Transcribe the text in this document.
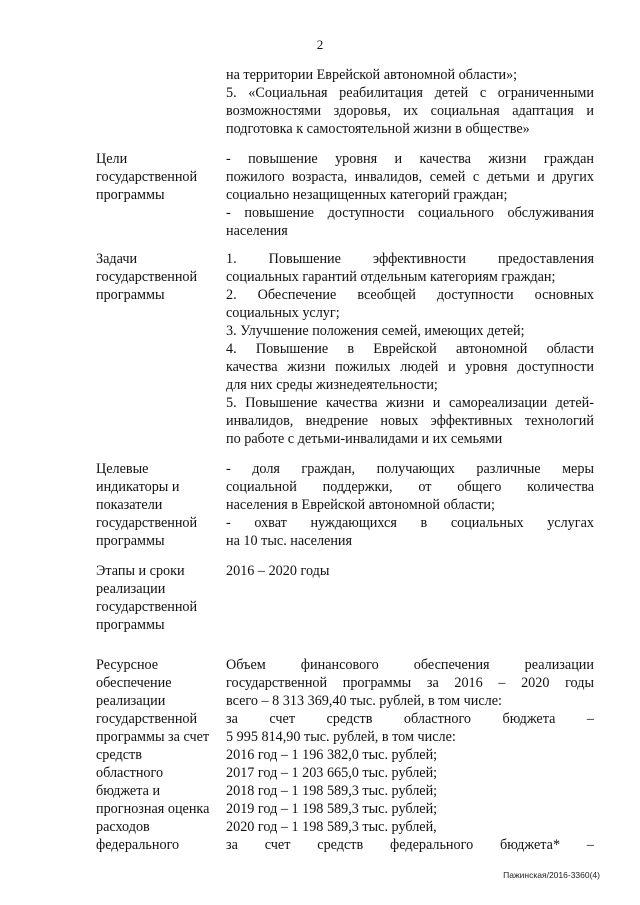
2
на территории Еврейской автономной области»;
5. «Социальная реабилитация детей с ограниченными
возможностями здоровья, их социальная адаптация и
подготовка к самостоятельной жизни в обществе»
Цели
государственной
программы
- повышение уровня и качества жизни граждан
пожилого возраста, инвалидов, семей с детьми и других
социально незащищенных категорий граждан;
- повышение доступности социального обслуживания
населения
Задачи
государственной
программы
1. Повышение эффективности предоставления
социальных гарантий отдельным категориям граждан;
2. Обеспечение всеобщей доступности основных
социальных услуг;
3. Улучшение положения семей, имеющих детей;
4. Повышение в Еврейской автономной области
качества жизни пожилых людей и уровня доступности
для них среды жизнедеятельности;
5. Повышение качества жизни и самореализации детей-
инвалидов, внедрение новых эффективных технологий
по работе с детьми-инвалидами и их семьями
Целевые
индикаторы и
показатели
государственной
программы
- доля граждан, получающих различные меры
социальной поддержки, от общего количества
населения в Еврейской автономной области;
- охват нуждающихся в социальных услугах
на 10 тыс. населения
Этапы и сроки
реализации
государственной
программы
2016 – 2020 годы
Ресурсное
обеспечение
реализации
государственной
программы за счет
средств
областного
бюджета и
прогнозная оценка
расходов
федерального
Объем финансового обеспечения реализации
государственной программы за 2016 – 2020 годы
всего – 8 313 369,40 тыс. рублей, в том числе:
за счет средств областного бюджета –
5 995 814,90 тыс. рублей, в том числе:
2016 год – 1 196 382,0 тыс. рублей;
2017 год – 1 203 665,0 тыс. рублей;
2018 год – 1 198 589,3 тыс. рублей;
2019 год – 1 198 589,3 тыс. рублей;
2020 год – 1 198 589,3 тыс. рублей,
за счет средств федерального бюджета* –
Пажинская/2016-3360(4)
